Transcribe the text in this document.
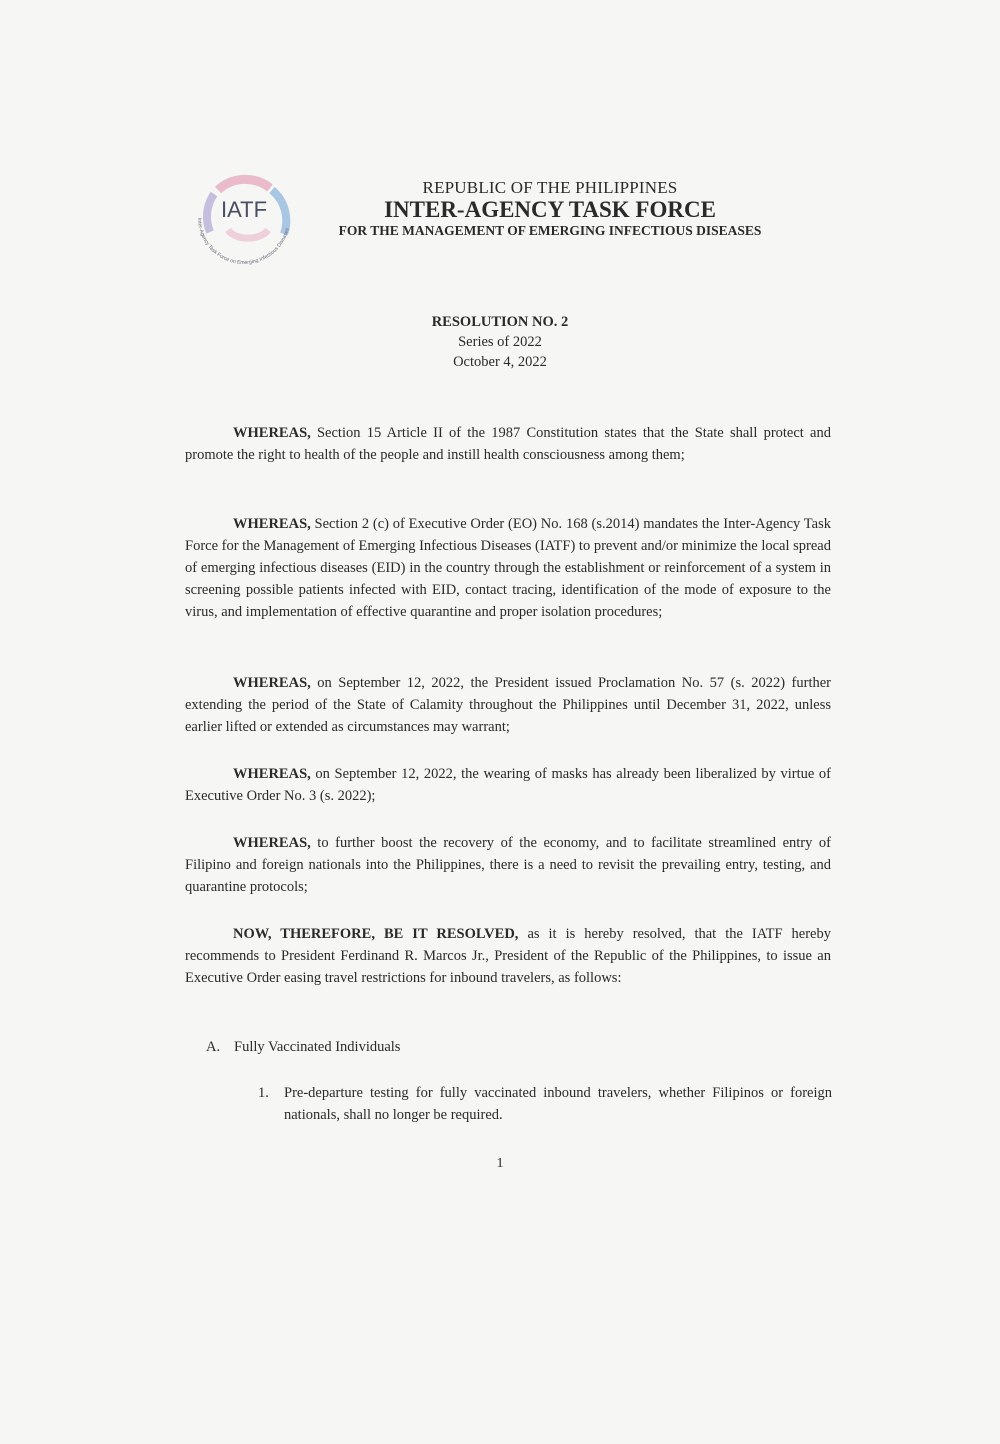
IATF
Inter-Agency Task Force on Emerging Infectious Diseases
REPUBLIC OF THE PHILIPPINES
INTER-AGENCY TASK FORCE
FOR THE MANAGEMENT OF EMERGING INFECTIOUS DISEASES
RESOLUTION NO. 2
Series of 2022
October 4, 2022

WHEREAS, Section 15 Article II of the 1987 Constitution states that the State shall protect and promote the right to health of the people and instill health consciousness among them;

WHEREAS, Section 2 (c) of Executive Order (EO) No. 168 (s.2014) mandates the Inter-Agency Task Force for the Management of Emerging Infectious Diseases (IATF) to prevent and/or minimize the local spread of emerging infectious diseases (EID) in the country through the establishment or reinforcement of a system in screening possible patients infected with EID, contact tracing, identification of the mode of exposure to the virus, and implementation of effective quarantine and proper isolation procedures;

WHEREAS, on September 12, 2022, the President issued Proclamation No. 57 (s. 2022) further extending the period of the State of Calamity throughout the Philippines until December 31, 2022, unless earlier lifted or extended as circumstances may warrant;

WHEREAS, on September 12, 2022, the wearing of masks has already been liberalized by virtue of Executive Order No. 3 (s. 2022);

WHEREAS, to further boost the recovery of the economy, and to facilitate streamlined entry of Filipino and foreign nationals into the Philippines, there is a need to revisit the prevailing entry, testing, and quarantine protocols;

NOW, THEREFORE, BE IT RESOLVED, as it is hereby resolved, that the IATF hereby recommends to President Ferdinand R. Marcos Jr., President of the Republic of the Philippines, to issue an Executive Order easing travel restrictions for inbound travelers, as follows:

A. Fully Vaccinated Individuals
1. Pre-departure testing for fully vaccinated inbound travelers, whether Filipinos or foreign nationals, shall no longer be required.
1
